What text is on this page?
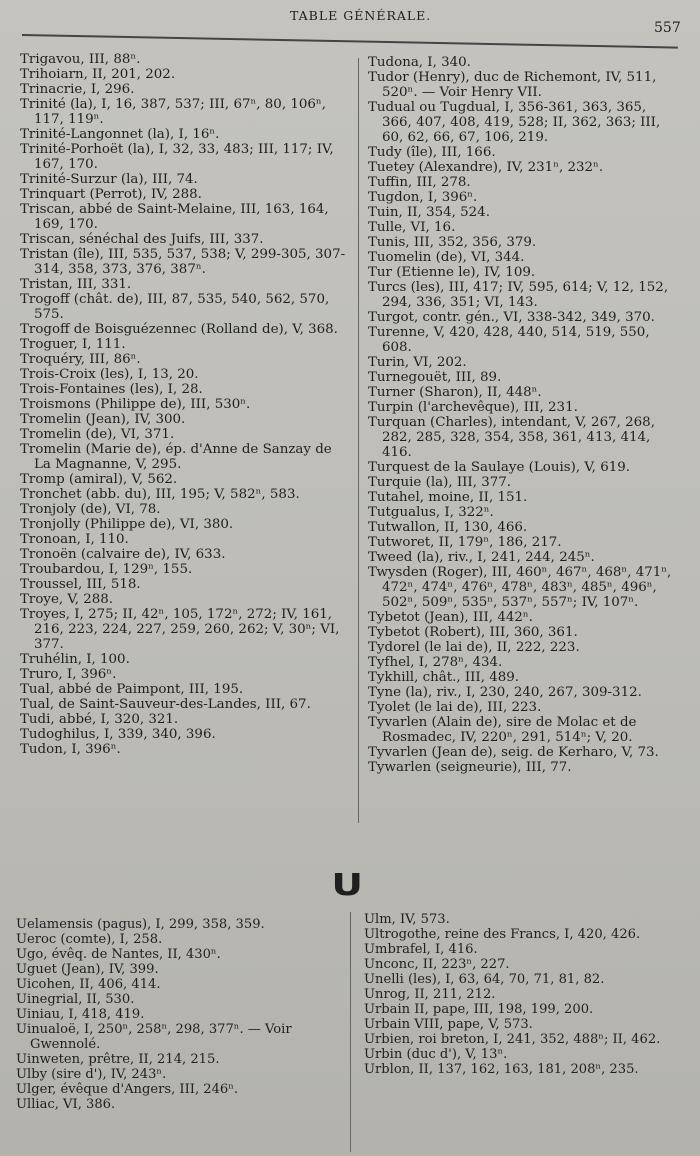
TABLE GÉNÉRALE.
557

Trigavou, III, 88ⁿ.

Trihoiarn, II, 201, 202.

Trinacrie, I, 296.

Trinité (la), I, 16, 387, 537; III, 67ⁿ, 80, 106ⁿ, 117, 119ⁿ.

Trinité-Langonnet (la), I, 16ⁿ.

Trinité-Porhoët (la), I, 32, 33, 483; III, 117; IV, 167, 170.

Trinité-Surzur (la), III, 74.

Trinquart (Perrot), IV, 288.

Triscan, abbé de Saint-Melaine, III, 163, 164, 169, 170.

Triscan, sénéchal des Juifs, III, 337.

Tristan (île), III, 535, 537, 538; V, 299-305, 307-314, 358, 373, 376, 387ⁿ.

Tristan, III, 331.

Trogoff (chât. de), III, 87, 535, 540, 562, 570, 575.

Trogoff de Boisguézennec (Rolland de), V, 368.

Troguer, I, 111.

Troquéry, III, 86ⁿ.

Trois-Croix (les), I, 13, 20.

Trois-Fontaines (les), I, 28.

Troismons (Philippe de), III, 530ⁿ.

Tromelin (Jean), IV, 300.

Tromelin (de), VI, 371.

Tromelin (Marie de), ép. d'Anne de Sanzay de La Magnanne, V, 295.

Tromp (amiral), V, 562.

Tronchet (abb. du), III, 195; V, 582ⁿ, 583.

Tronjoly (de), VI, 78.

Tronjolly (Philippe de), VI, 380.

Tronoan, I, 110.

Tronoën (calvaire de), IV, 633.

Troubardou, I, 129ⁿ, 155.

Troussel, III, 518.

Troye, V, 288.

Troyes, I, 275; II, 42ⁿ, 105, 172ⁿ, 272; IV, 161, 216, 223, 224, 227, 259, 260, 262; V, 30ⁿ; VI, 377.

Truhélin, I, 100.

Truro, I, 396ⁿ.

Tual, abbé de Paimpont, III, 195.

Tual, de Saint-Sauveur-des-Landes, III, 67.

Tudi, abbé, I, 320, 321.

Tudoghilus, I, 339, 340, 396.

Tudon, I, 396ⁿ.

Tudona, I, 340.

Tudor (Henry), duc de Richemont, IV, 511, 520ⁿ. — Voir Henry VII.

Tudual ou Tugdual, I, 356-361, 363, 365, 366, 407, 408, 419, 528; II, 362, 363; III, 60, 62, 66, 67, 106, 219.

Tudy (île), III, 166.

Tuetey (Alexandre), IV, 231ⁿ, 232ⁿ.

Tuffin, III, 278.

Tugdon, I, 396ⁿ.

Tuin, II, 354, 524.

Tulle, VI, 16.

Tunis, III, 352, 356, 379.

Tuomelin (de), VI, 344.

Tur (Etienne le), IV, 109.

Turcs (les), III, 417; IV, 595, 614; V, 12, 152, 294, 336, 351; VI, 143.

Turgot, contr. gén., VI, 338-342, 349, 370.

Turenne, V, 420, 428, 440, 514, 519, 550, 608.

Turin, VI, 202.

Turnegouët, III, 89.

Turner (Sharon), II, 448ⁿ.

Turpin (l'archevêque), III, 231.

Turquan (Charles), intendant, V, 267, 268, 282, 285, 328, 354, 358, 361, 413, 414, 416.

Turquest de la Saulaye (Louis), V, 619.

Turquie (la), III, 377.

Tutahel, moine, II, 151.

Tutgualus, I, 322ⁿ.

Tutwallon, II, 130, 466.

Tutworet, II, 179ⁿ, 186, 217.

Tweed (la), riv., I, 241, 244, 245ⁿ.

Twysden (Roger), III, 460ⁿ, 467ⁿ, 468ⁿ, 471ⁿ, 472ⁿ, 474ⁿ, 476ⁿ, 478ⁿ, 483ⁿ, 485ⁿ, 496ⁿ, 502ⁿ, 509ⁿ, 535ⁿ, 537ⁿ, 557ⁿ; IV, 107ⁿ.

Tybetot (Jean), III, 442ⁿ.

Tybetot (Robert), III, 360, 361.

Tydorel (le lai de), II, 222, 223.

Tyfhel, I, 278ⁿ, 434.

Tykhill, chât., III, 489.

Tyne (la), riv., I, 230, 240, 267, 309-312.

Tyolet (le lai de), III, 223.

Tyvarlen (Alain de), sire de Molac et de Rosmadec, IV, 220ⁿ, 291, 514ⁿ; V, 20.

Tyvarlen (Jean de), seig. de Kerharo, V, 73.

Tywarlen (seigneurie), III, 77.

U

Uelamensis (pagus), I, 299, 358, 359.

Ueroc (comte), I, 258.

Ugo, évêq. de Nantes, II, 430ⁿ.

Uguet (Jean), IV, 399.

Uicohen, II, 406, 414.

Uinegrial, II, 530.

Uiniau, I, 418, 419.

Uinualoë, I, 250ⁿ, 258ⁿ, 298, 377ⁿ. — Voir Gwennolé.

Uinweten, prêtre, II, 214, 215.

Ulby (sire d'), IV, 243ⁿ.

Ulger, évêque d'Angers, III, 246ⁿ.

Ulliac, VI, 386.

Ulm, IV, 573.

Ultrogothe, reine des Francs, I, 420, 426.

Umbrafel, I, 416.

Unconc, II, 223ⁿ, 227.

Unelli (les), I, 63, 64, 70, 71, 81, 82.

Unrog, II, 211, 212.

Urbain II, pape, III, 198, 199, 200.

Urbain VIII, pape, V, 573.

Urbien, roi breton, I, 241, 352, 488ⁿ; II, 462.

Urbin (duc d'), V, 13ⁿ.

Urblon, II, 137, 162, 163, 181, 208ⁿ, 235.
